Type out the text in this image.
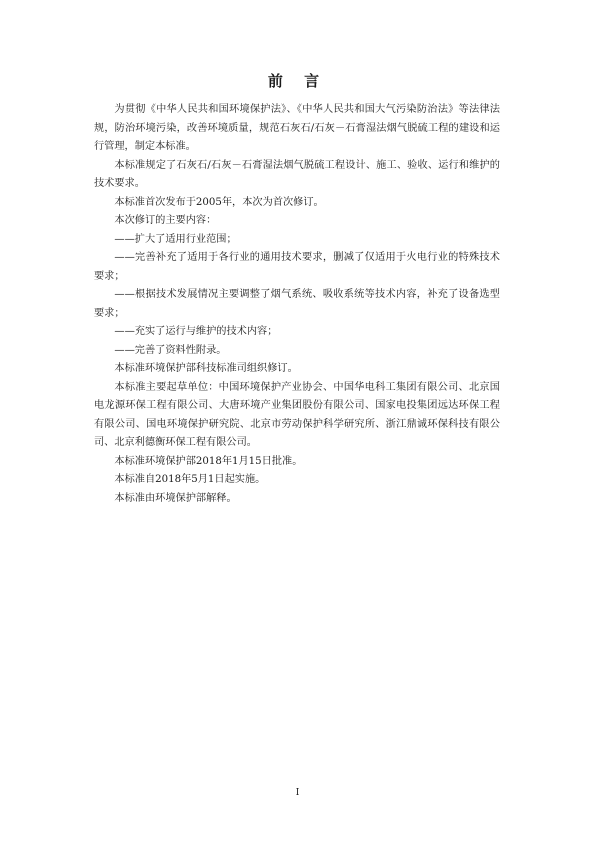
前 言

为贯彻《中华人民共和国环境保护法》、《中华人民共和国大气污染防治法》等法律法规，防治环境污染，改善环境质量，规范石灰石/石灰－石膏湿法烟气脱硫工程的建设和运行管理，制定本标准。

本标准规定了石灰石/石灰－石膏湿法烟气脱硫工程设计、施工、验收、运行和维护的技术要求。

本标准首次发布于2005年，本次为首次修订。

本次修订的主要内容：

——扩大了适用行业范围；

——完善补充了适用于各行业的通用技术要求，删减了仅适用于火电行业的特殊技术要求；

——根据技术发展情况主要调整了烟气系统、吸收系统等技术内容，补充了设备选型要求；

——充实了运行与维护的技术内容；

——完善了资料性附录。

本标准环境保护部科技标准司组织修订。

本标准主要起草单位：中国环境保护产业协会、中国华电科工集团有限公司、北京国电龙源环保工程有限公司、大唐环境产业集团股份有限公司、国家电投集团远达环保工程有限公司、国电环境保护研究院、北京市劳动保护科学研究所、浙江鼎诚环保科技有限公司、北京利德衡环保工程有限公司。

本标准环境保护部2018年1月15日批准。

本标准自2018年5月1日起实施。

本标准由环境保护部解释。

I
